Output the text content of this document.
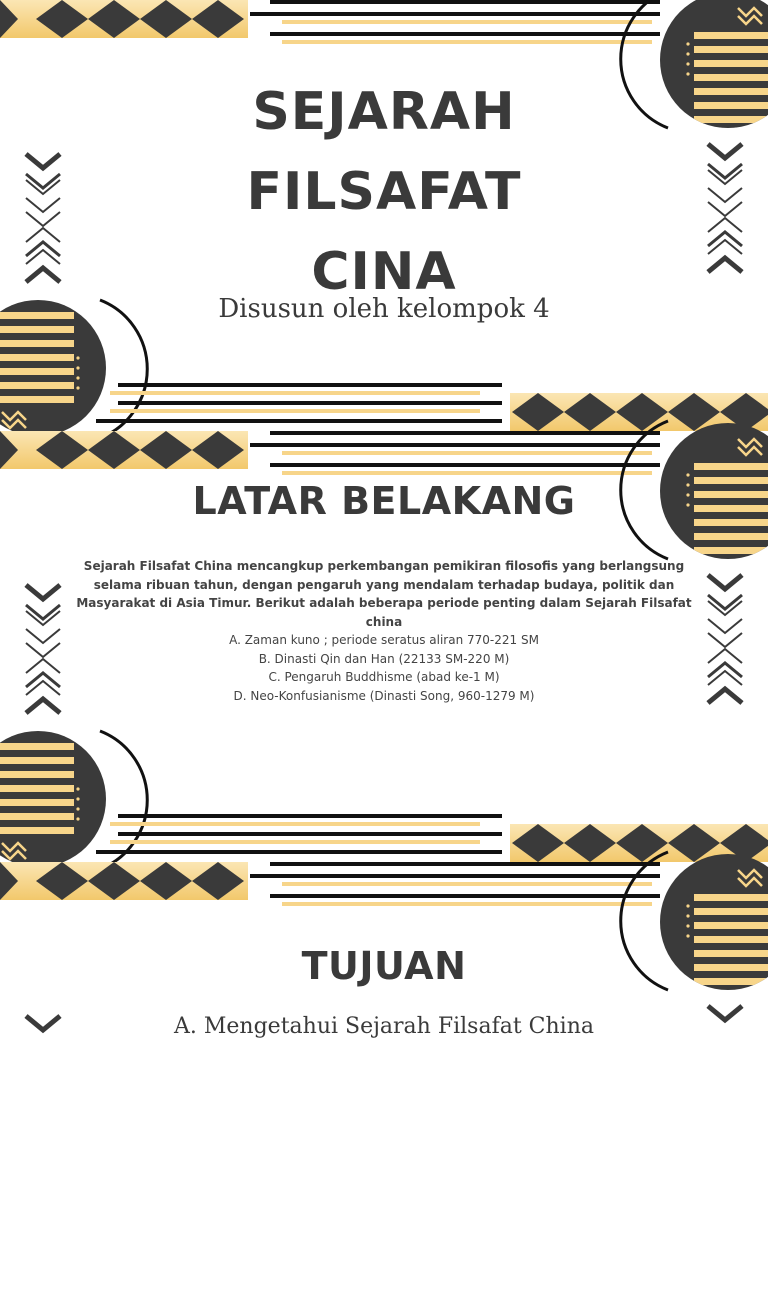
SEJARAH
FILSAFAT
CINA
Disusun oleh kelompok 4
LATAR BELAKANG
Sejarah Filsafat China mencangkup perkembangan pemikiran filosofis yang berlangsung selama ribuan tahun, dengan pengaruh yang mendalam terhadap budaya, politik dan Masyarakat di Asia Timur. Berikut adalah beberapa periode penting dalam Sejarah Filsafat china
A. Zaman kuno ; periode seratus aliran 770-221 SM
B. Dinasti Qin dan Han (22133 SM-220 M)
C. Pengaruh Buddhisme (abad ke-1 M)
D. Neo-Konfusianisme (Dinasti Song, 960-1279 M)
TUJUAN
A. Mengetahui Sejarah Filsafat China
